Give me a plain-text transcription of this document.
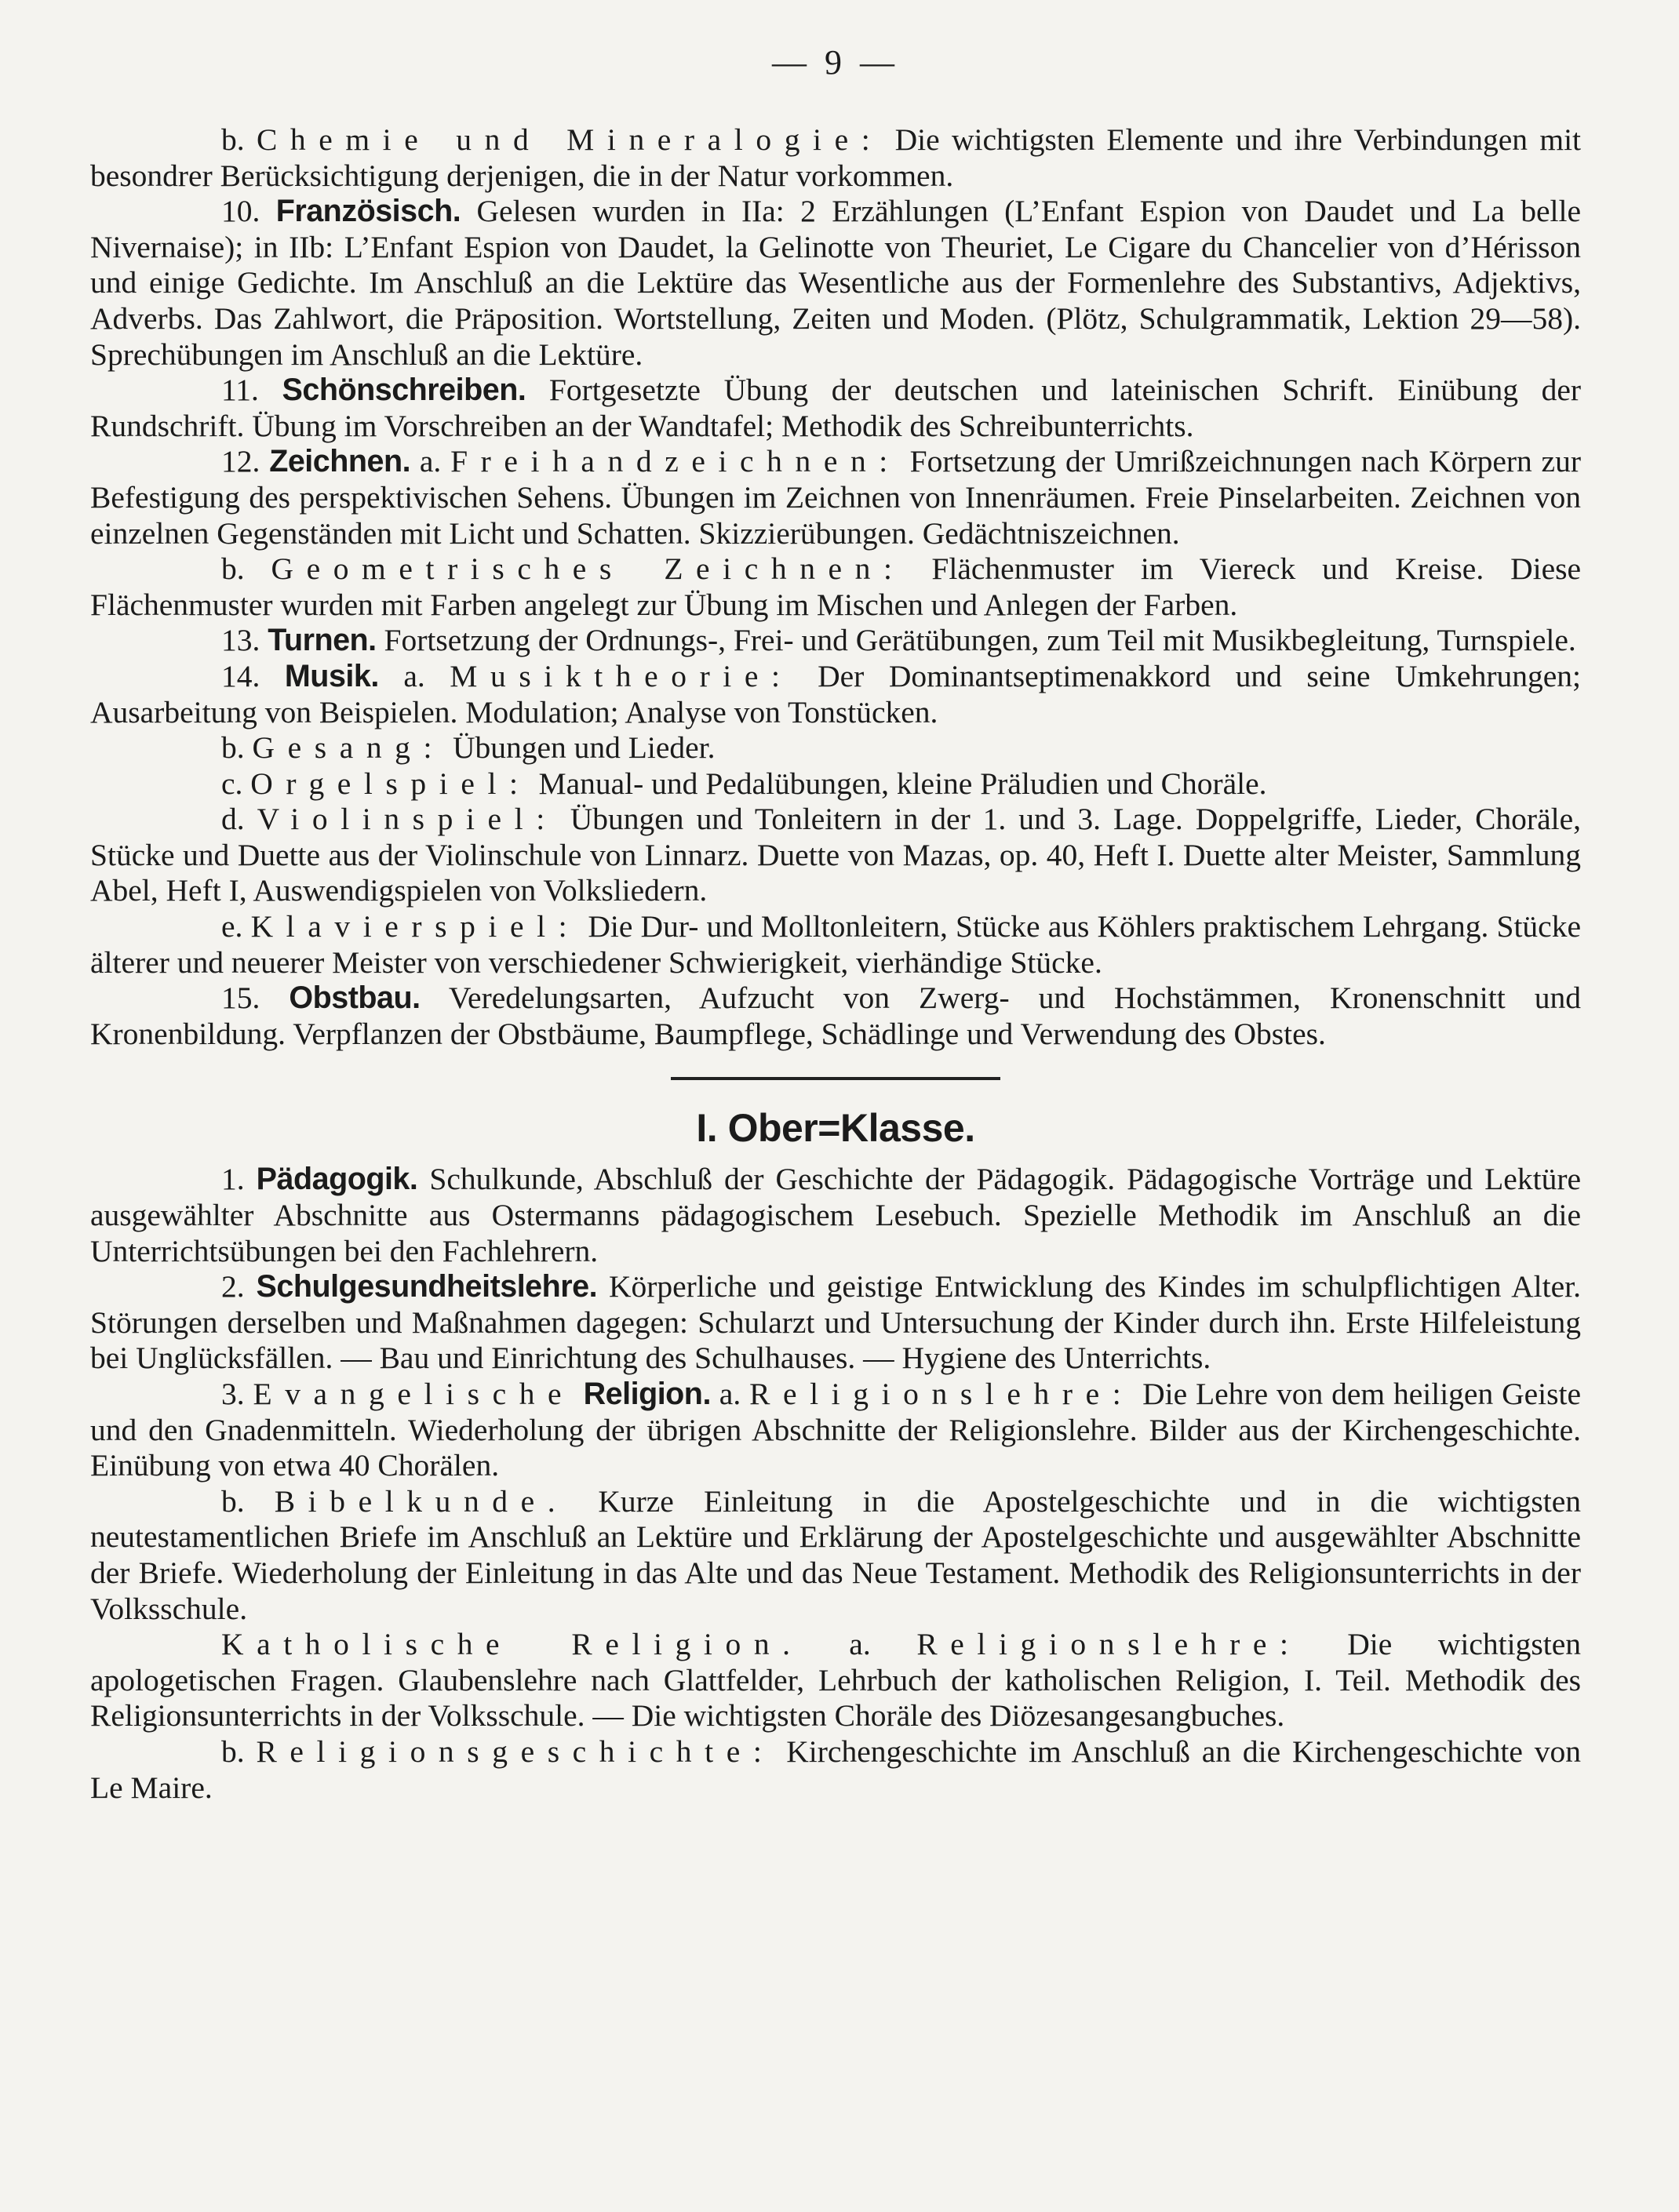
— 9 —

b. Chemie und Mineralogie: Die wichtigsten Elemente und ihre Verbindungen mit besondrer Berücksichtigung derjenigen, die in der Natur vorkommen.

10. Französisch. Gelesen wurden in IIa: 2 Erzählungen (L’Enfant Espion von Daudet und La belle Nivernaise); in IIb: L’Enfant Espion von Daudet, la Gelinotte von Theuriet, Le Cigare du Chancelier von d’Hérisson und einige Gedichte. Im Anschluß an die Lektüre das Wesentliche aus der Formenlehre des Substantivs, Adjektivs, Adverbs. Das Zahlwort, die Präposition. Wortstellung, Zeiten und Moden. (Plötz, Schulgrammatik, Lektion 29—58). Sprechübungen im Anschluß an die Lektüre.

11. Schönschreiben. Fortgesetzte Übung der deutschen und lateinischen Schrift. Einübung der Rundschrift. Übung im Vorschreiben an der Wandtafel; Methodik des Schreibunterrichts.

12. Zeichnen. a. Freihandzeichnen: Fortsetzung der Umrißzeichnungen nach Körpern zur Befestigung des perspektivischen Sehens. Übungen im Zeichnen von Innenräumen. Freie Pinselarbeiten. Zeichnen von einzelnen Gegenständen mit Licht und Schatten. Skizzierübungen. Gedächtniszeichnen.

b. Geometrisches Zeichnen: Flächenmuster im Viereck und Kreise. Diese Flächenmuster wurden mit Farben angelegt zur Übung im Mischen und Anlegen der Farben.

13. Turnen. Fortsetzung der Ordnungs-, Frei- und Gerätübungen, zum Teil mit Musikbegleitung, Turnspiele.

14. Musik. a. Musiktheorie: Der Dominantseptimenakkord und seine Umkehrungen; Ausarbeitung von Beispielen. Modulation; Analyse von Tonstücken.

b. Gesang: Übungen und Lieder.

c. Orgelspiel: Manual- und Pedalübungen, kleine Präludien und Choräle.

d. Violinspiel: Übungen und Tonleitern in der 1. und 3. Lage. Doppelgriffe, Lieder, Choräle, Stücke und Duette aus der Violinschule von Linnarz. Duette von Mazas, op. 40, Heft I. Duette alter Meister, Sammlung Abel, Heft I, Auswendigspielen von Volksliedern.

e. Klavierspiel: Die Dur- und Molltonleitern, Stücke aus Köhlers praktischem Lehrgang. Stücke älterer und neuerer Meister von verschiedener Schwierigkeit, vierhändige Stücke.

15. Obstbau. Veredelungsarten, Aufzucht von Zwerg- und Hochstämmen, Kronenschnitt und Kronenbildung. Verpflanzen der Obstbäume, Baumpflege, Schädlinge und Verwendung des Obstes.

I. Ober=Klasse.

1. Pädagogik. Schulkunde, Abschluß der Geschichte der Pädagogik. Pädagogische Vorträge und Lektüre ausgewählter Abschnitte aus Ostermanns pädagogischem Lesebuch. Spezielle Methodik im Anschluß an die Unterrichtsübungen bei den Fachlehrern.

2. Schulgesundheitslehre. Körperliche und geistige Entwicklung des Kindes im schulpflichtigen Alter. Störungen derselben und Maßnahmen dagegen: Schularzt und Untersuchung der Kinder durch ihn. Erste Hilfeleistung bei Unglücksfällen. — Bau und Einrichtung des Schulhauses. — Hygiene des Unterrichts.

3. Evangelische Religion. a. Religionslehre: Die Lehre von dem heiligen Geiste und den Gnadenmitteln. Wiederholung der übrigen Abschnitte der Religionslehre. Bilder aus der Kirchengeschichte. Einübung von etwa 40 Chorälen.

b. Bibelkunde. Kurze Einleitung in die Apostelgeschichte und in die wichtigsten neutestamentlichen Briefe im Anschluß an Lektüre und Erklärung der Apostelgeschichte und ausgewählter Abschnitte der Briefe. Wiederholung der Einleitung in das Alte und das Neue Testament. Methodik des Religionsunterrichts in der Volksschule.

Katholische Religion. a. Religionslehre: Die wichtigsten apologetischen Fragen. Glaubenslehre nach Glattfelder, Lehrbuch der katholischen Religion, I. Teil. Methodik des Religionsunterrichts in der Volksschule. — Die wichtigsten Choräle des Diözesangesangbuches.

b. Religionsgeschichte: Kirchengeschichte im Anschluß an die Kirchengeschichte von Le Maire.
